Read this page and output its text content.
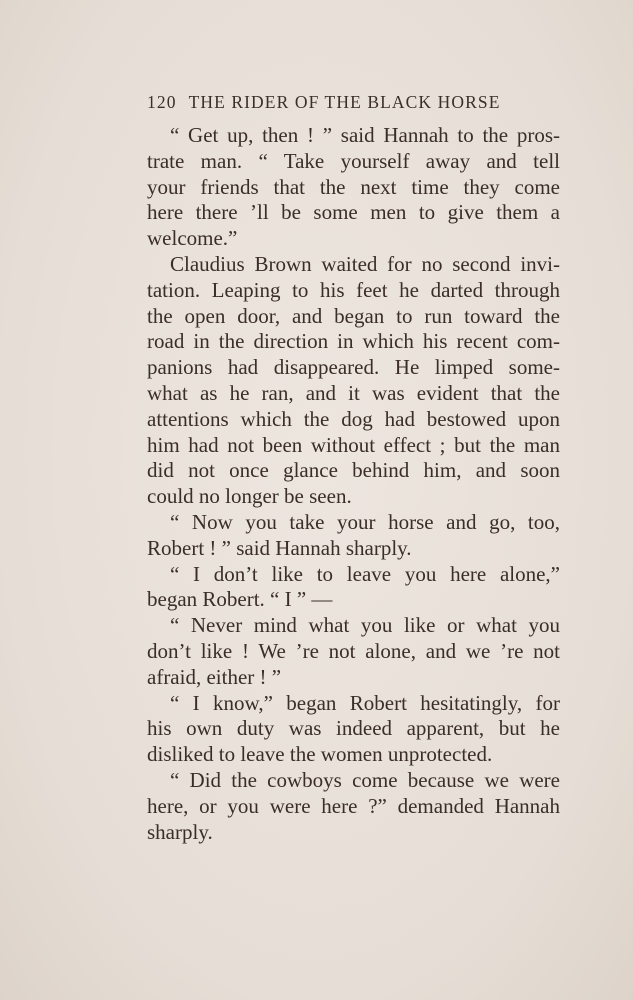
120 THE RIDER OF THE BLACK HORSE
“ Get up, then ! ” said Hannah to the pros-
trate man. “ Take yourself away and tell
your friends that the next time they come
here there ’ll be some men to give them a
welcome.”
Claudius Brown waited for no second invi-
tation. Leaping to his feet he darted through
the open door, and began to run toward the
road in the direction in which his recent com-
panions had disappeared. He limped some-
what as he ran, and it was evident that the
attentions which the dog had bestowed upon
him had not been without effect ; but the man
did not once glance behind him, and soon
could no longer be seen.
“ Now you take your horse and go, too,
Robert ! ” said Hannah sharply.
“ I don’t like to leave you here alone,”
began Robert. “ I ” —
“ Never mind what you like or what you
don’t like ! We ’re not alone, and we ’re not
afraid, either ! ”
“ I know,” began Robert hesitatingly, for
his own duty was indeed apparent, but he
disliked to leave the women unprotected.
“ Did the cowboys come because we were
here, or you were here ?” demanded Hannah
sharply.
